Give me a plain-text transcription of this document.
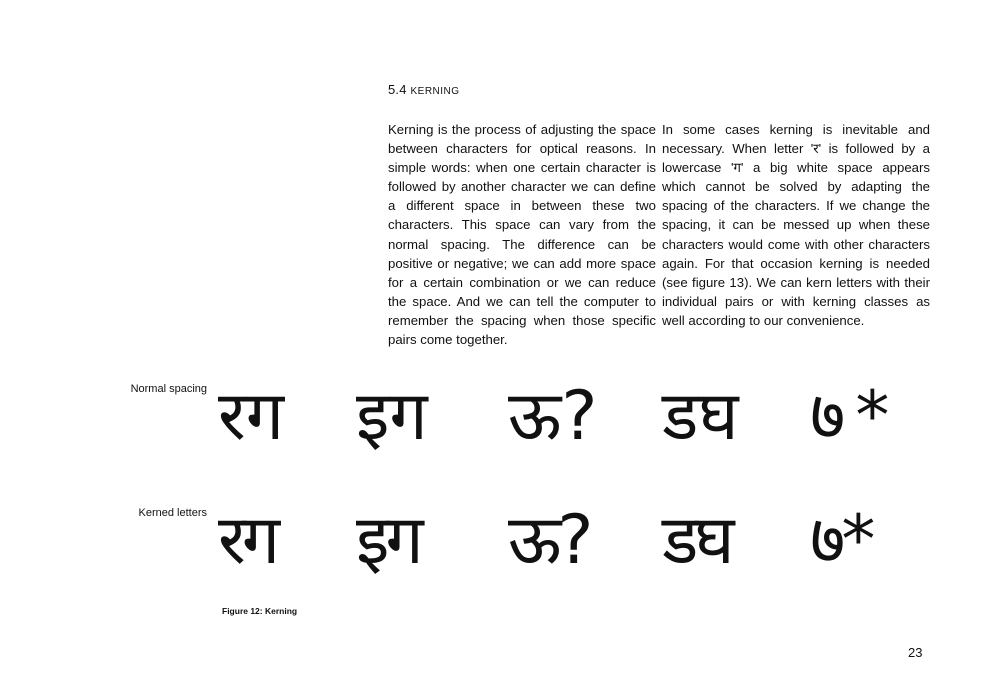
5.4 KERNING
Kerning is the process of adjusting the space between characters for optical reasons. In simple words: when one certain character is followed by another character we can define a different space in between these two characters. This space can vary from the normal spacing. The difference can be positive or negative; we can add more space for a certain combination or we can reduce the space. And we can tell the computer to remember the spacing when those specific pairs come together.
In some cases kerning is inevitable and necessary. When letter 'र' is followed by a lowercase 'ग' a big white space appears which cannot be solved by adapting the spacing of the characters. If we change the spacing, it can be messed up when these characters would come with other characters again. For that occasion kerning is needed (see figure 13). We can kern letters with their individual pairs or with kerning classes as well according to our convenience.
Normal spacing रग इग ऊ? डघ ७*
Kerned letters रग इग ऊ? डघ ७*
Figure 12: Kerning
23
